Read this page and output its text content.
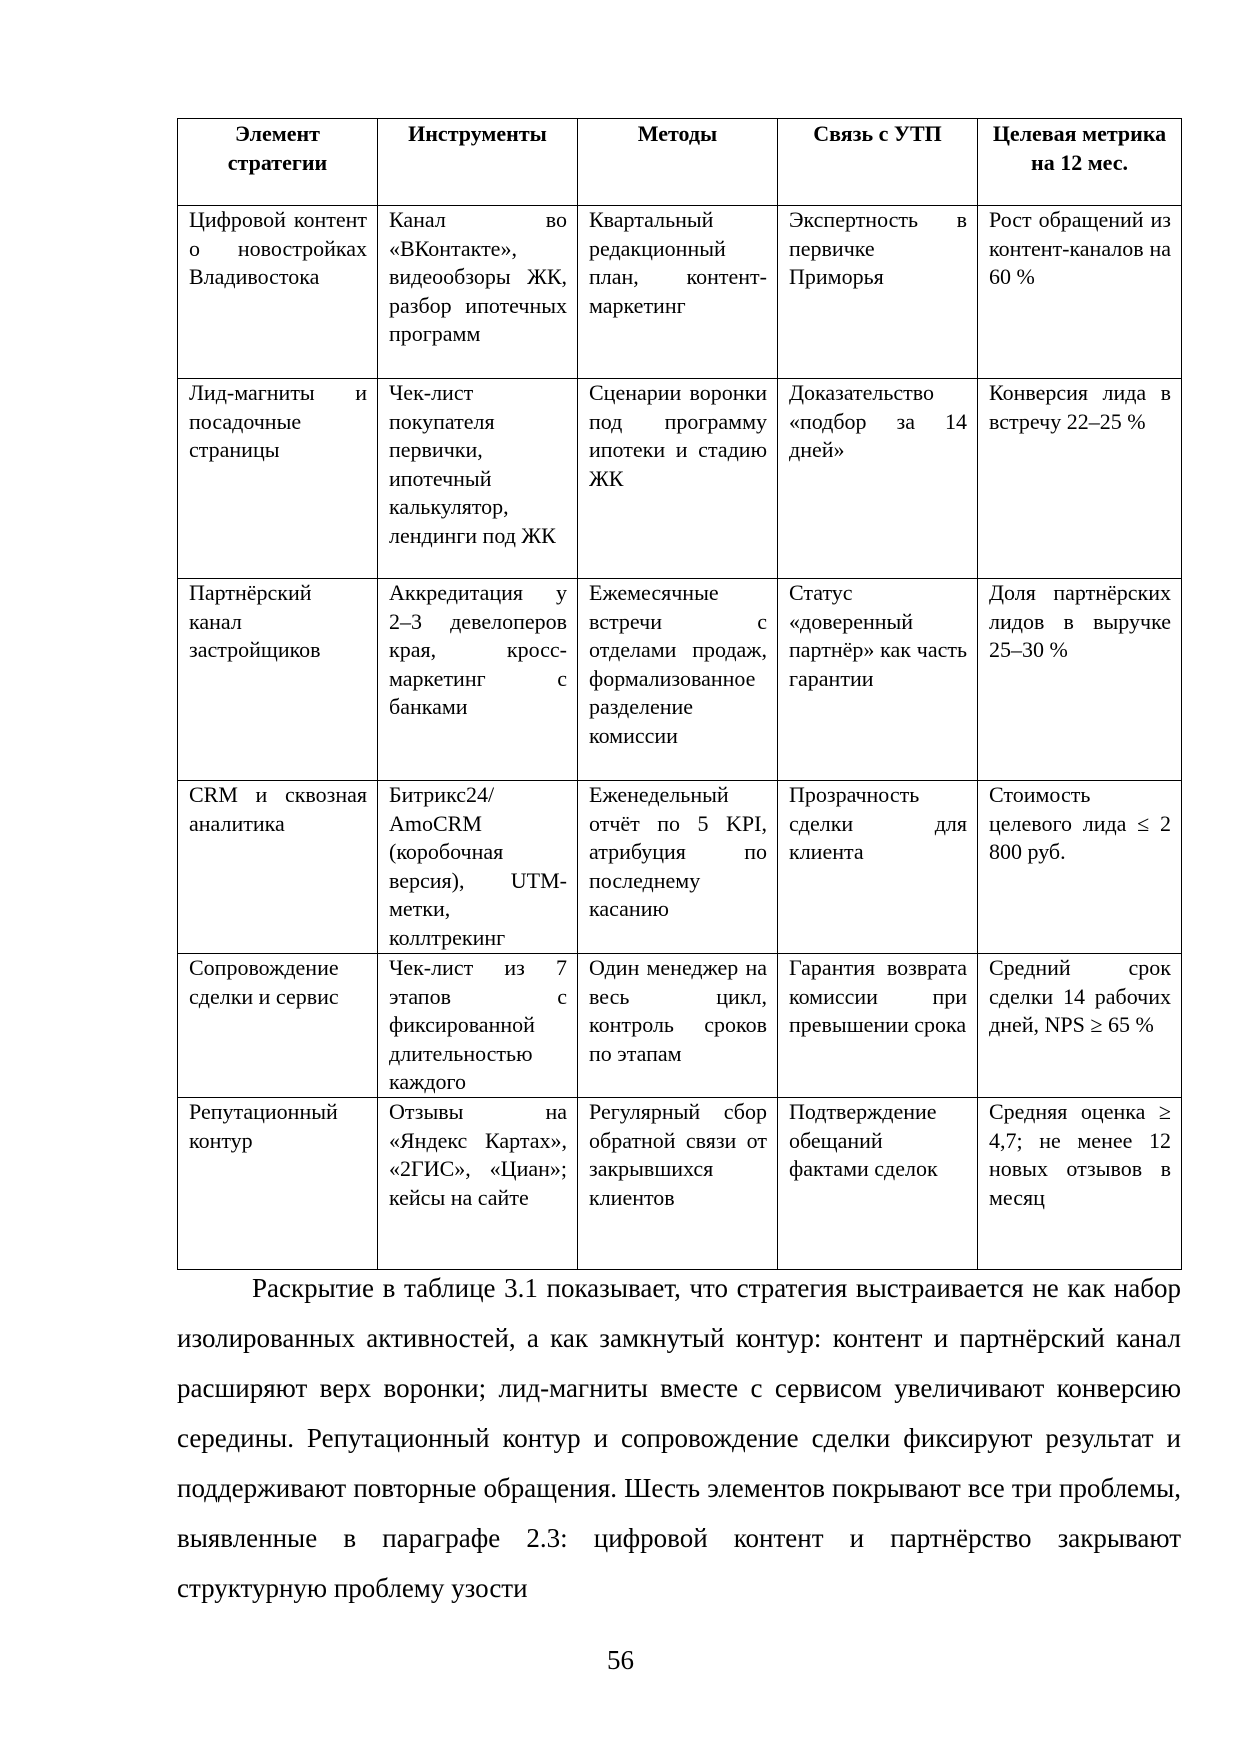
Элемент стратегии	Инструменты	Методы	Связь с УТП	Целевая метрика на 12 мес.
Цифровой контент о новостройках Владивостока	Канал во «ВКонтакте», видеообзоры ЖК, разбор ипотечных программ	Квартальный редакционный план, контент-маркетинг	Экспертность в первичке Приморья	Рост обращений из контент-каналов на 60 %
Лид-магниты и посадочные страницы	Чек-лист покупателя первички, ипотечный калькулятор, лендинги под ЖК	Сценарии воронки под программу ипотеки и стадию ЖК	Доказательство «подбор за 14 дней»	Конверсия лида в встречу 22–25 %
Партнёрский канал застройщиков	Аккредитация у 2–3 девелоперов края, кросс-маркетинг с банками	Ежемесячные встречи с отделами продаж, формализованное разделение комиссии	Статус «доверенный партнёр» как часть гарантии	Доля партнёрских лидов в выручке 25–30 %
CRM и сквозная аналитика	Битрикс24/ AmoCRM (коробочная версия), UTM-метки, коллтрекинг	Еженедельный отчёт по 5 KPI, атрибуция по последнему касанию	Прозрачность сделки для клиента	Стоимость целевого лида ≤ 2 800 руб.
Сопровождение сделки и сервис	Чек-лист из 7 этапов с фиксированной длительностью каждого	Один менеджер на весь цикл, контроль сроков по этапам	Гарантия возврата комиссии при превышении срока	Средний срок сделки 14 рабочих дней, NPS ≥ 65 %
Репутационный контур	Отзывы на «Яндекс Картах», «2ГИС», «Циан»; кейсы на сайте	Регулярный сбор обратной связи от закрывшихся клиентов	Подтверждение обещаний фактами сделок	Средняя оценка ≥ 4,7; не менее 12 новых отзывов в месяц

Раскрытие в таблице 3.1 показывает, что стратегия выстраивается не как набор изолированных активностей, а как замкнутый контур: контент и партнёрский канал расширяют верх воронки; лид-магниты вместе с сервисом увеличивают конверсию середины. Репутационный контур и сопровождение сделки фиксируют результат и поддерживают повторные обращения. Шесть элементов покрывают все три проблемы, выявленные в параграфе 2.3: цифровой контент и партнёрство закрывают структурную проблему узости

56
